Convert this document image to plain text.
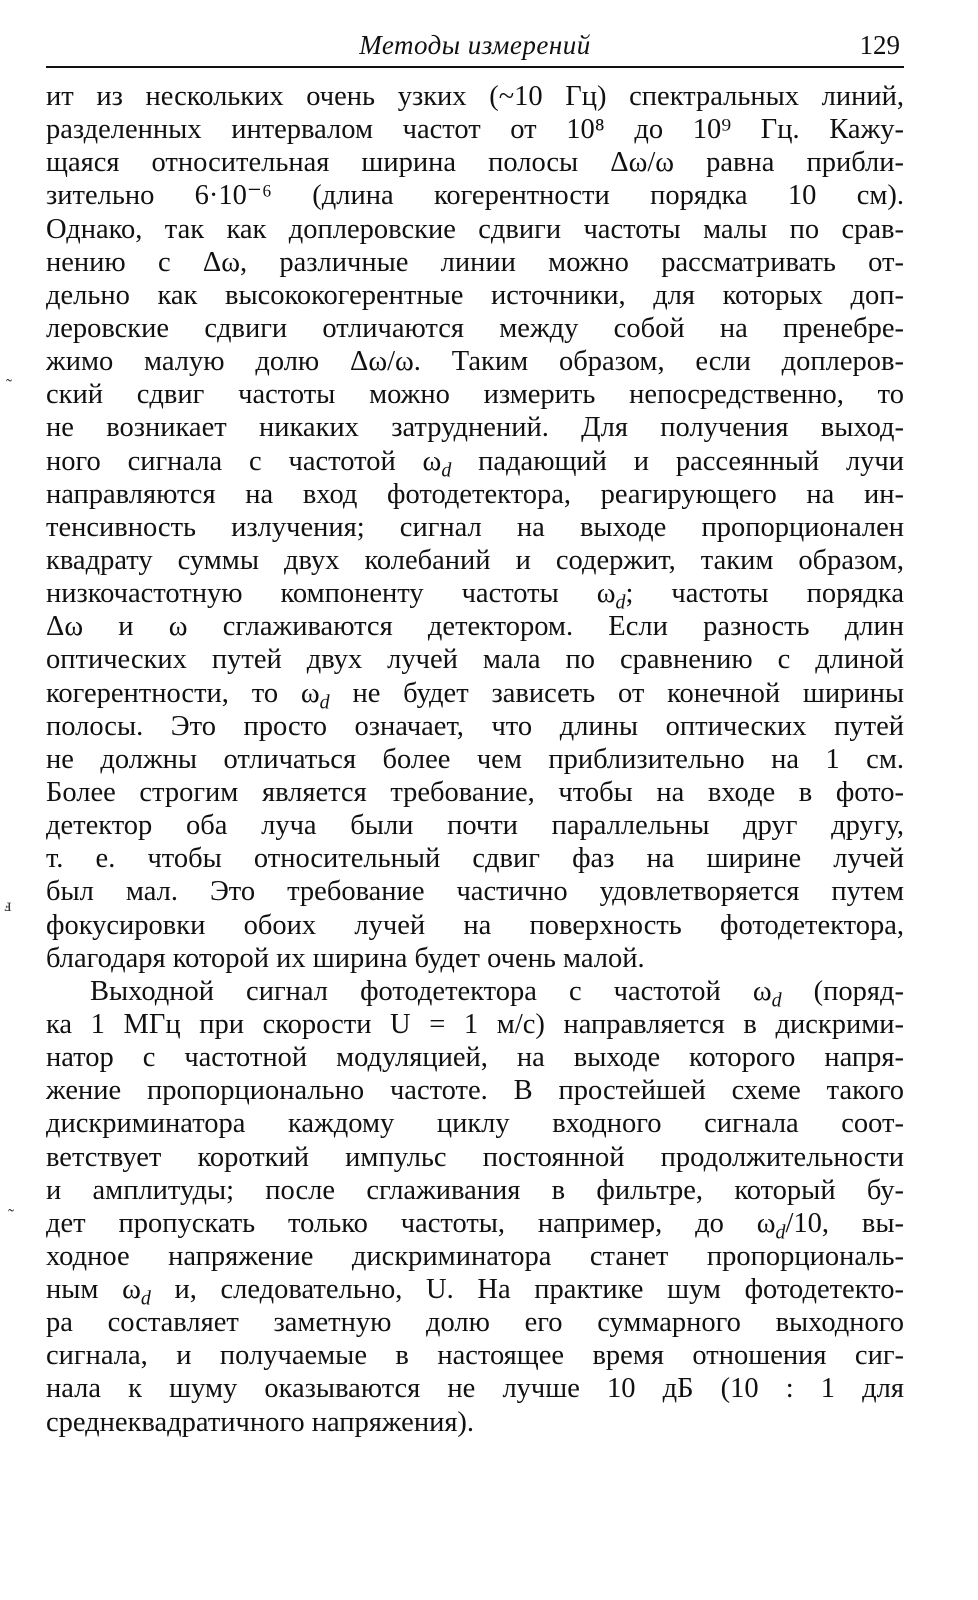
Методы измерений	129
ит из нескольких очень узких (~10 Гц) спектральных линий,
разделенных интервалом частот от 10⁸ до 10⁹ Гц. Кажу-
щаяся относительная ширина полосы Δω/ω равна прибли-
зительно 6·10⁻⁶ (длина когерентности порядка 10 см).
Однако, так как доплеровские сдвиги частоты малы по срав-
нению с Δω, различные линии можно рассматривать от-
дельно как высококогерентные источники, для которых доп-
леровские сдвиги отличаются между собой на пренебре-
жимо малую долю Δω/ω. Таким образом, если доплеров-
ский сдвиг частоты можно измерить непосредственно, то
не возникает никаких затруднений. Для получения выход-
ного сигнала с частотой $\omega_d$ падающий и рассеянный лучи
направляются на вход фотодетектора, реагирующего на ин-
тенсивность излучения; сигнал на выходе пропорционален
квадрату суммы двух колебаний и содержит, таким образом,
низкочастотную компоненту частоты $\omega_d$; частоты порядка
Δω и ω сглаживаются детектором. Если разность длин
оптических путей двух лучей мала по сравнению с длиной
когерентности, то $\omega_d$ не будет зависеть от конечной ширины
полосы. Это просто означает, что длины оптических путей
не должны отличаться более чем приблизительно на 1 см.
Более строгим является требование, чтобы на входе в фото-
детектор оба луча были почти параллельны друг другу,
т. е. чтобы относительный сдвиг фаз на ширине лучей
был мал. Это требование частично удовлетворяется путем
фокусировки обоих лучей на поверхность фотодетектора,
благодаря которой их ширина будет очень малой.
Выходной сигнал фотодетектора с частотой $\omega_d$ (поряд-
ка 1 МГц при скорости U = 1 м/с) направляется в дискрими-
натор с частотной модуляцией, на выходе которого напря-
жение пропорционально частоте. В простейшей схеме такого
дискриминатора каждому циклу входного сигнала соот-
ветствует короткий импульс постоянной продолжительности
и амплитуды; после сглаживания в фильтре, который бу-
дет пропускать только частоты, например, до $\omega_d/10$, вы-
ходное напряжение дискриминатора станет пропорциональ-
ным $\omega_d$ и, следовательно, U. На практике шум фотодетекто-
ра составляет заметную долю его суммарного выходного
сигнала, и получаемые в настоящее время отношения сиг-
нала к шуму оказываются не лучше 10 дБ (10 : 1 для
среднеквадратичного напряжения).
˷
ⅎ
˷
